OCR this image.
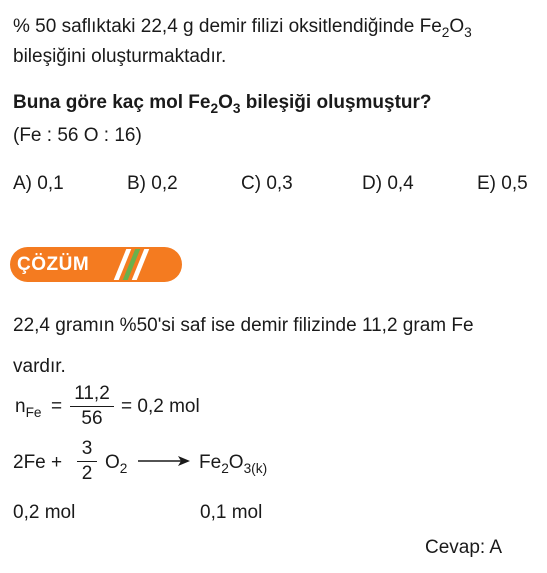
% 50 saflıktaki 22,4 g demir filizi oksitlendiğinde $Fe_2O_3$
bileşiğini oluşturmaktadır.
Buna göre kaç mol $Fe_2O_3$ bileşiği oluşmuştur?
(Fe : 56 O : 16)
A) 0,1	B) 0,2	C) 0,3	D) 0,4	E) 0,5
ÇÖZÜM
22,4 gramın %50'si saf ise demir filizinde 11,2 gram Fe
vardır.
$n_{Fe}$ =
11,2
56
= 0,2 mol
2Fe +
3
2
$O_2 \to Fe_2O_{3(k)}$
0,2 mol	0,1 mol
Cevap: A
